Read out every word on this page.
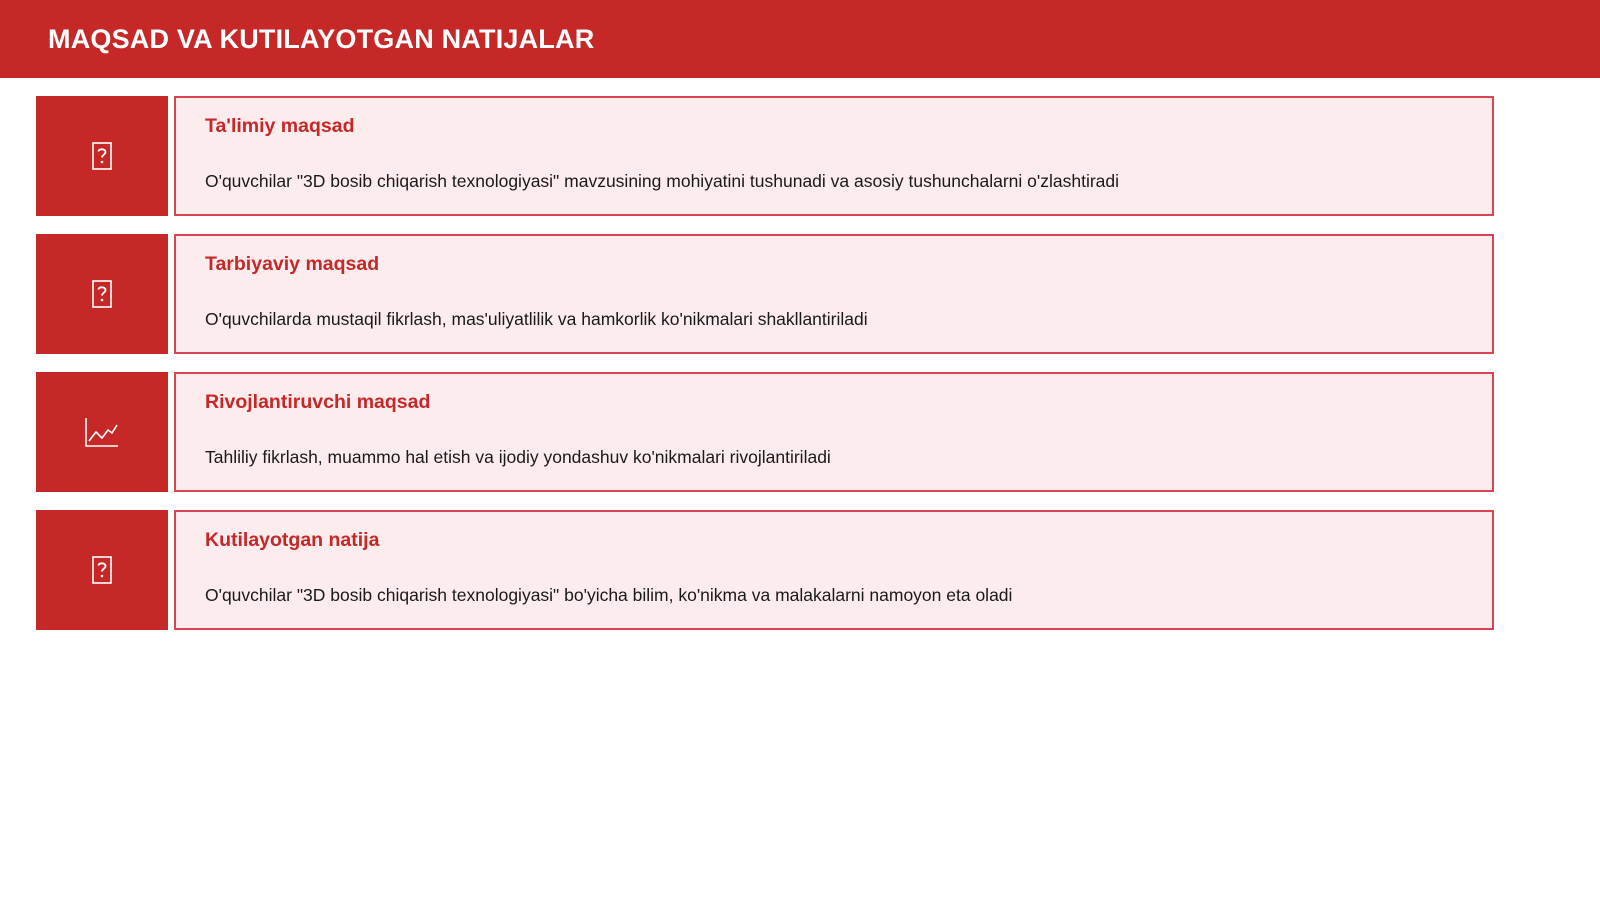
MAQSAD VA KUTILAYOTGAN NATIJALAR
Ta'limiy maqsad
O'quvchilar "3D bosib chiqarish texnologiyasi" mavzusining mohiyatini tushunadi va asosiy tushunchalarni o'zlashtiradi
Tarbiyaviy maqsad
O'quvchilarda mustaqil fikrlash, mas'uliyatlilik va hamkorlik ko'nikmalari shakllantiriladi
Rivojlantiruvchi maqsad
Tahliliy fikrlash, muammo hal etish va ijodiy yondashuv ko'nikmalari rivojlantiriladi
Kutilayotgan natija
O'quvchilar "3D bosib chiqarish texnologiyasi" bo'yicha bilim, ko'nikma va malakalarni namoyon eta oladi
